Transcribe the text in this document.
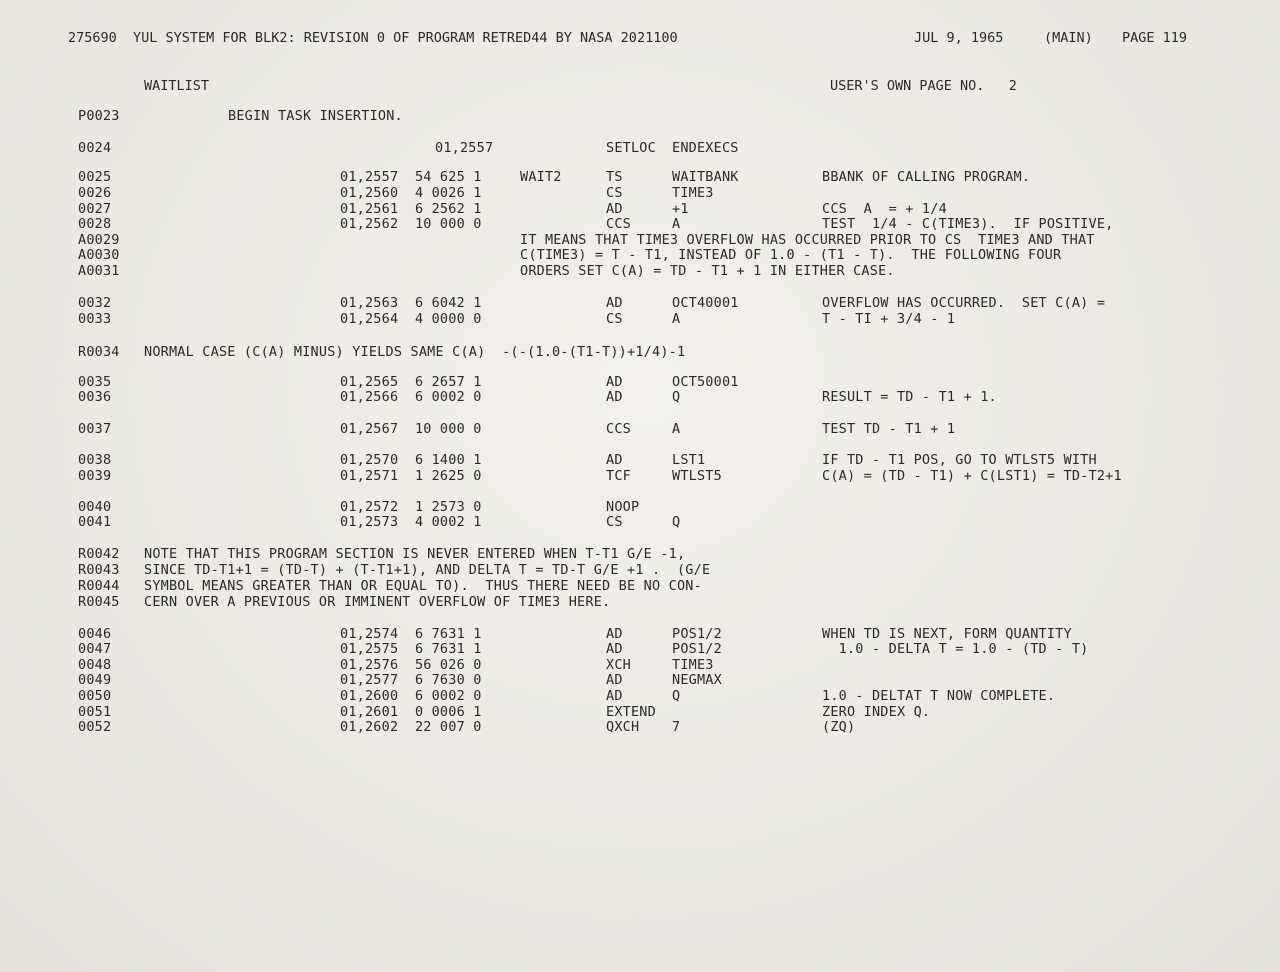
275690  YUL SYSTEM FOR BLK2: REVISION 0 OF PROGRAM RETRED44 BY NASA 2021100	JUL 9, 1965	(MAIN) PAGE 119
WAITLIST	USER'S OWN PAGE NO.   2
P0023	BEGIN TASK INSERTION.
0024	01,2557	SETLOC ENDEXECS
0025	01,2557  54 625 1	WAIT2	TS	WAITBANK	BBANK OF CALLING PROGRAM.
0026	01,2560  4 0026 1	CS	TIME3
0027	01,2561  6 2562 1	AD	+1	CCS  A  = + 1/4
0028	01,2562  10 000 0	CCS	A	TEST  1/4 - C(TIME3).  IF POSITIVE,
A0029	IT MEANS THAT TIME3 OVERFLOW HAS OCCURRED PRIOR TO CS  TIME3 AND THAT
A0030	C(TIME3) = T - T1, INSTEAD OF 1.0 - (T1 - T).  THE FOLLOWING FOUR
A0031	ORDERS SET C(A) = TD - T1 + 1 IN EITHER CASE.
0032	01,2563  6 6042 1	AD	OCT40001	OVERFLOW HAS OCCURRED.  SET C(A) =
0033	01,2564  4 0000 0	CS	A	T - TI + 3/4 - 1
R0034 NORMAL CASE (C(A) MINUS) YIELDS SAME C(A)  -(-(1.0-(T1-T))+1/4)-1
0035	01,2565  6 2657 1	AD	OCT50001
0036	01,2566  6 0002 0	AD	Q	RESULT = TD - T1 + 1.
0037	01,2567  10 000 0	CCS	A	TEST TD - T1 + 1
0038	01,2570  6 1400 1	AD	LST1	IF TD - T1 POS, GO TO WTLST5 WITH
0039	01,2571  1 2625 0	TCF	WTLST5	C(A) = (TD - T1) + C(LST1) = TD-T2+1
0040	01,2572  1 2573 0	NOOP
0041	01,2573  4 0002 1	CS	Q
R0042 NOTE THAT THIS PROGRAM SECTION IS NEVER ENTERED WHEN T-T1 G/E -1,
R0043 SINCE TD-T1+1 = (TD-T) + (T-T1+1), AND DELTA T = TD-T G/E +1 .  (G/E
R0044 SYMBOL MEANS GREATER THAN OR EQUAL TO).  THUS THERE NEED BE NO CON-
R0045 CERN OVER A PREVIOUS OR IMMINENT OVERFLOW OF TIME3 HERE.
0046	01,2574  6 7631 1	AD	POS1/2	WHEN TD IS NEXT, FORM QUANTITY
0047	01,2575  6 7631 1	AD	POS1/2	1.0 - DELTA T = 1.0 - (TD - T)
0048	01,2576  56 026 0	XCH	TIME3
0049	01,2577  6 7630 0	AD	NEGMAX
0050	01,2600  6 0002 0	AD	Q	1.0 - DELTAT T NOW COMPLETE.
0051	01,2601  0 0006 1	EXTEND	ZERO INDEX Q.
0052	01,2602  22 007 0	QXCH 7	(ZQ)
